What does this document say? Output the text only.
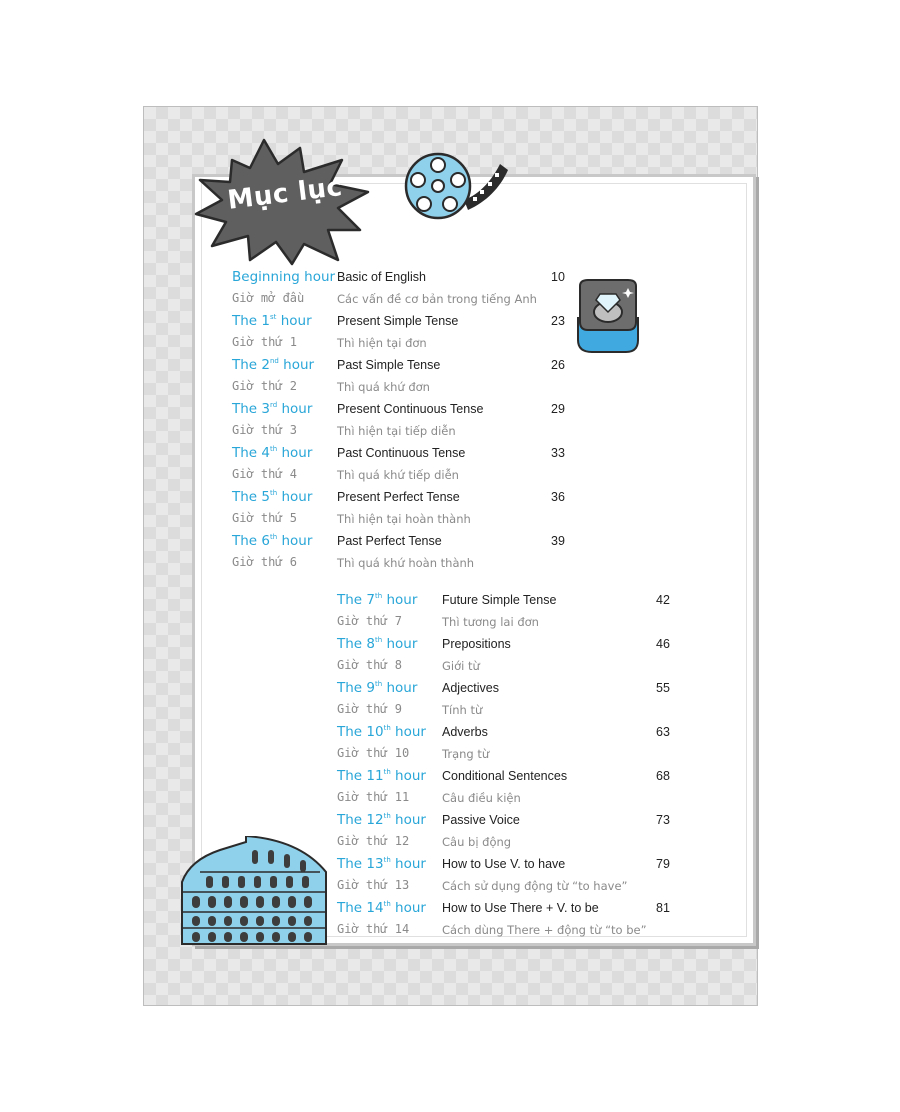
Mục lục
Beginning hour Basic of English	10
Giờ mở đầu	Các vấn đề cơ bản trong tiếng Anh
The 1st hour Present Simple Tense	23
Giờ thứ 1	Thì hiện tại đơn
The 2nd hour Past Simple Tense	26
Giờ thứ 2	Thì quá khứ đơn
The 3rd hour Present Continuous Tense	29
Giờ thứ 3	Thì hiện tại tiếp diễn
The 4th hour Past Continuous Tense	33
Giờ thứ 4	Thì quá khứ tiếp diễn
The 5th hour Present Perfect Tense	36
Giờ thứ 5	Thì hiện tại hoàn thành
The 6th hour Past Perfect Tense	39
Giờ thứ 6	Thì quá khứ hoàn thành
The 7th hour Future Simple Tense	42
Giờ thứ 7	Thì tương lai đơn
The 8th hour Prepositions	46
Giờ thứ 8	Giới từ
The 9th hour Adjectives	55
Giờ thứ 9	Tính từ
The 10th hour Adverbs	63
Giờ thứ 10	Trạng từ
The 11th hour Conditional Sentences	68
Giờ thứ 11	Câu điều kiện
The 12th hour Passive Voice	73
Giờ thứ 12	Câu bị động
The 13th hour How to Use V. to have	79
Giờ thứ 13	Cách sử dụng động từ “to have”
The 14th hour How to Use There + V. to be	81
Giờ thứ 14	Cách dùng There + động từ “to be”
